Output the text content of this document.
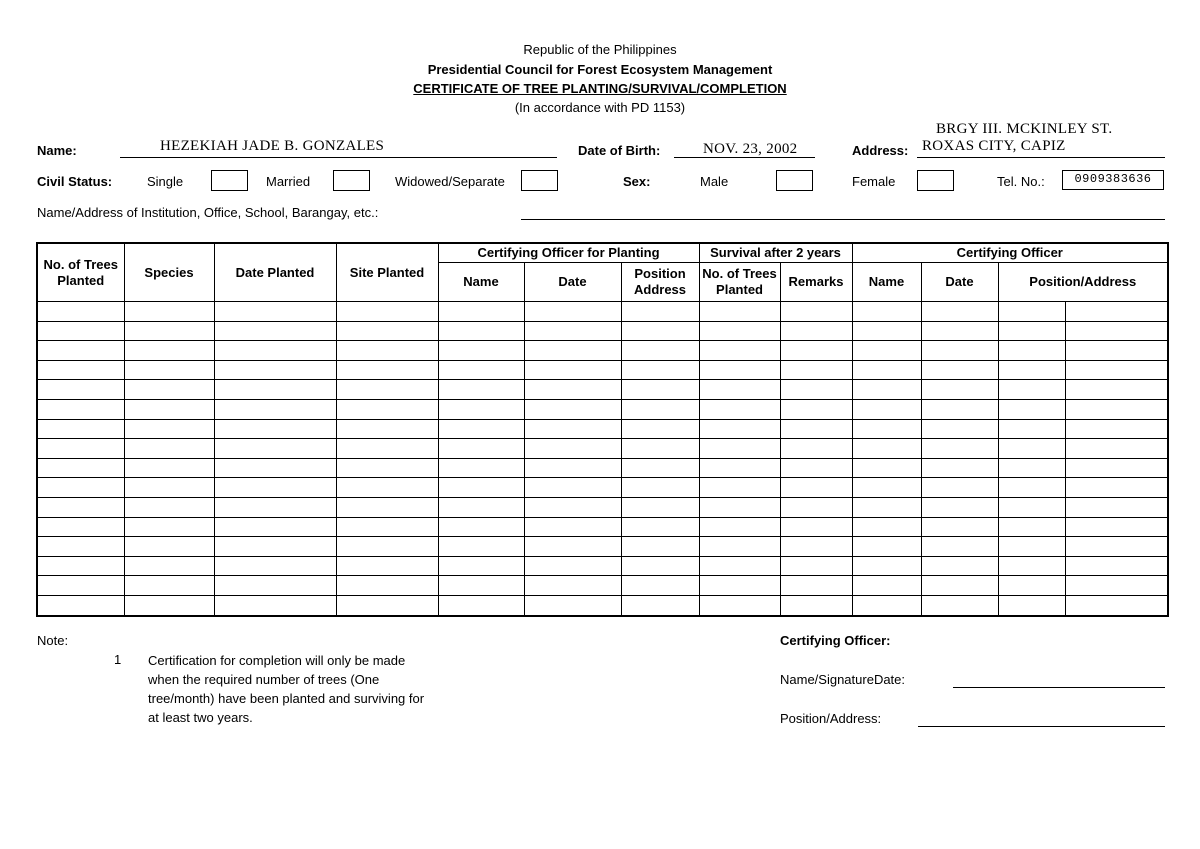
Republic of the Philippines
Presidential Council for Forest Ecosystem Management
CERTIFICATE OF TREE PLANTING/SURVIVAL/COMPLETION
(In accordance with PD 1153)
Name:	HEZEKIAH JADE B. GONZALES	Date of Birth:	NOV. 23, 2002	Address:
BRGY III. MCKINLEY ST.
ROXAS CITY, CAPIZ
Civil Status:	Single	Married	Widowed/Separate	Sex:	Male	Female	Tel. No.:	0909383636
Name/Address of Institution, Office, School, Barangay, etc.:
No. of Trees Planted	Species	Date Planted	Site Planted	Certifying Officer for Planting			Survival after 2 years		Certifying Officer			
				Name	Date	Position Address	No. of Trees Planted	Remarks	Name	Date	Position/Address	

Note:
1 Certification for completion will only be made when the required number of trees (One tree/month) have been planted and surviving for at least two years.
Certifying Officer:
Name/SignatureDate:
Position/Address:
